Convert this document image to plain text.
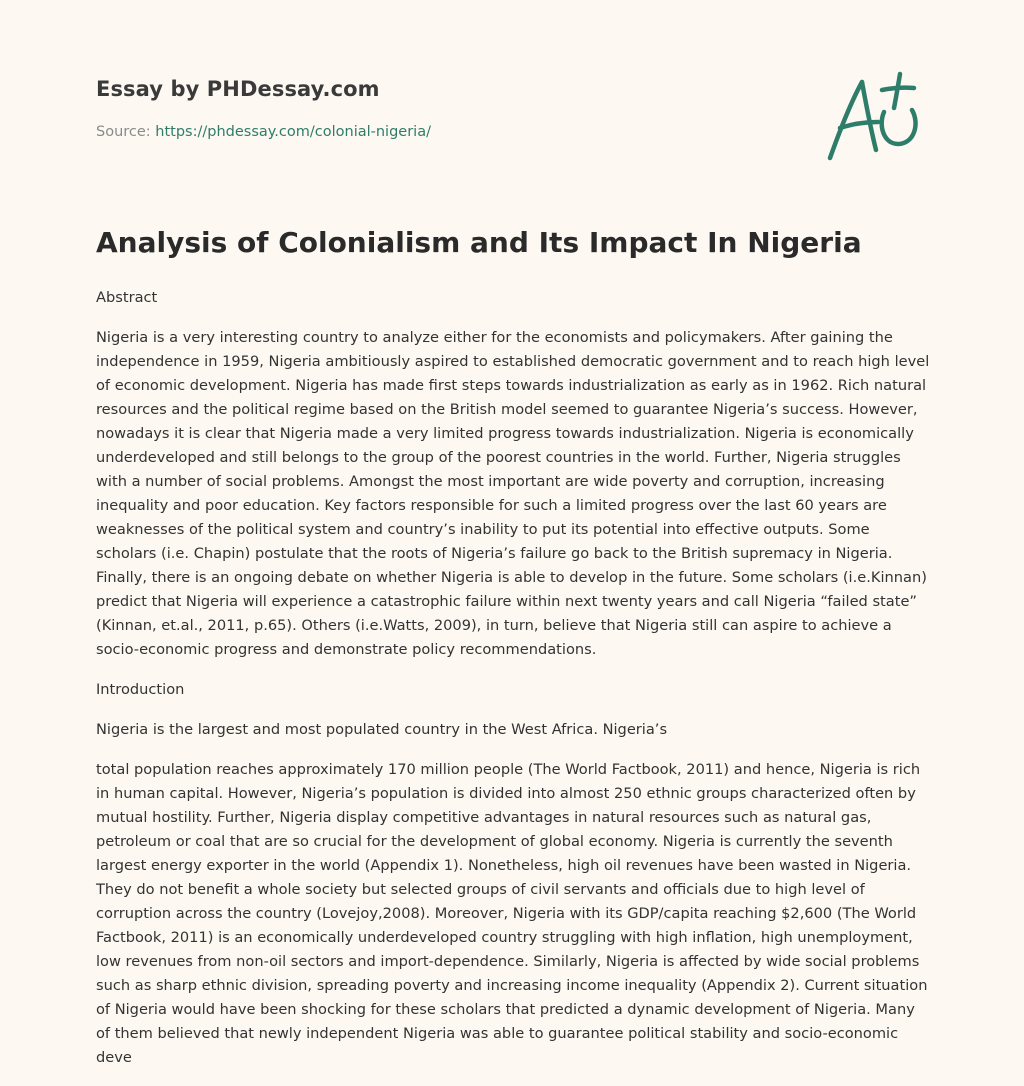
Essay by PHDessay.com
Source: https://phdessay.com/colonial-nigeria/
Analysis of Colonialism and Its Impact In Nigeria

Abstract

Nigeria is a very interesting country to analyze either for the economists and policymakers. After gaining the independence in 1959, Nigeria ambitiously aspired to established democratic government and to reach high level of economic development. Nigeria has made first steps towards industrialization as early as in 1962. Rich natural resources and the political regime based on the British model seemed to guarantee Nigeria’s success. However, nowadays it is clear that Nigeria made a very limited progress towards industrialization. Nigeria is economically underdeveloped and still belongs to the group of the poorest countries in the world. Further, Nigeria struggles with a number of social problems. Amongst the most important are wide poverty and corruption, increasing inequality and poor education. Key factors responsible for such a limited progress over the last 60 years are weaknesses of the political system and country’s inability to put its potential into effective outputs. Some scholars (i.e. Chapin) postulate that the roots of Nigeria’s failure go back to the British supremacy in Nigeria. Finally, there is an ongoing debate on whether Nigeria is able to develop in the future. Some scholars (i.e.Kinnan) predict that Nigeria will experience a catastrophic failure within next twenty years and call Nigeria “failed state” (Kinnan, et.al., 2011, p.65). Others (i.e.Watts, 2009), in turn, believe that Nigeria still can aspire to achieve a socio-economic progress and demonstrate policy recommendations.

Introduction

Nigeria is the largest and most populated country in the West Africa. Nigeria’s

total population reaches approximately 170 million people (The World Factbook, 2011) and hence, Nigeria is rich in human capital. However, Nigeria’s population is divided into almost 250 ethnic groups characterized often by mutual hostility. Further, Nigeria display competitive advantages in natural resources such as natural gas, petroleum or coal that are so crucial for the development of global economy. Nigeria is currently the seventh largest energy exporter in the world (Appendix 1). Nonetheless, high oil revenues have been wasted in Nigeria. They do not benefit a whole society but selected groups of civil servants and officials due to high level of corruption across the country (Lovejoy,2008). Moreover, Nigeria with its GDP/capita reaching $2,600 (The World Factbook, 2011) is an economically underdeveloped country struggling with high inflation, high unemployment, low revenues from non-oil sectors and import-dependence. Similarly, Nigeria is affected by wide social problems such as sharp ethnic division, spreading poverty and increasing income inequality (Appendix 2). Current situation of Nigeria would have been shocking for these scholars that predicted a dynamic development of Nigeria. Many of them believed that newly independent Nigeria was able to guarantee political stability and socio-economic deve
